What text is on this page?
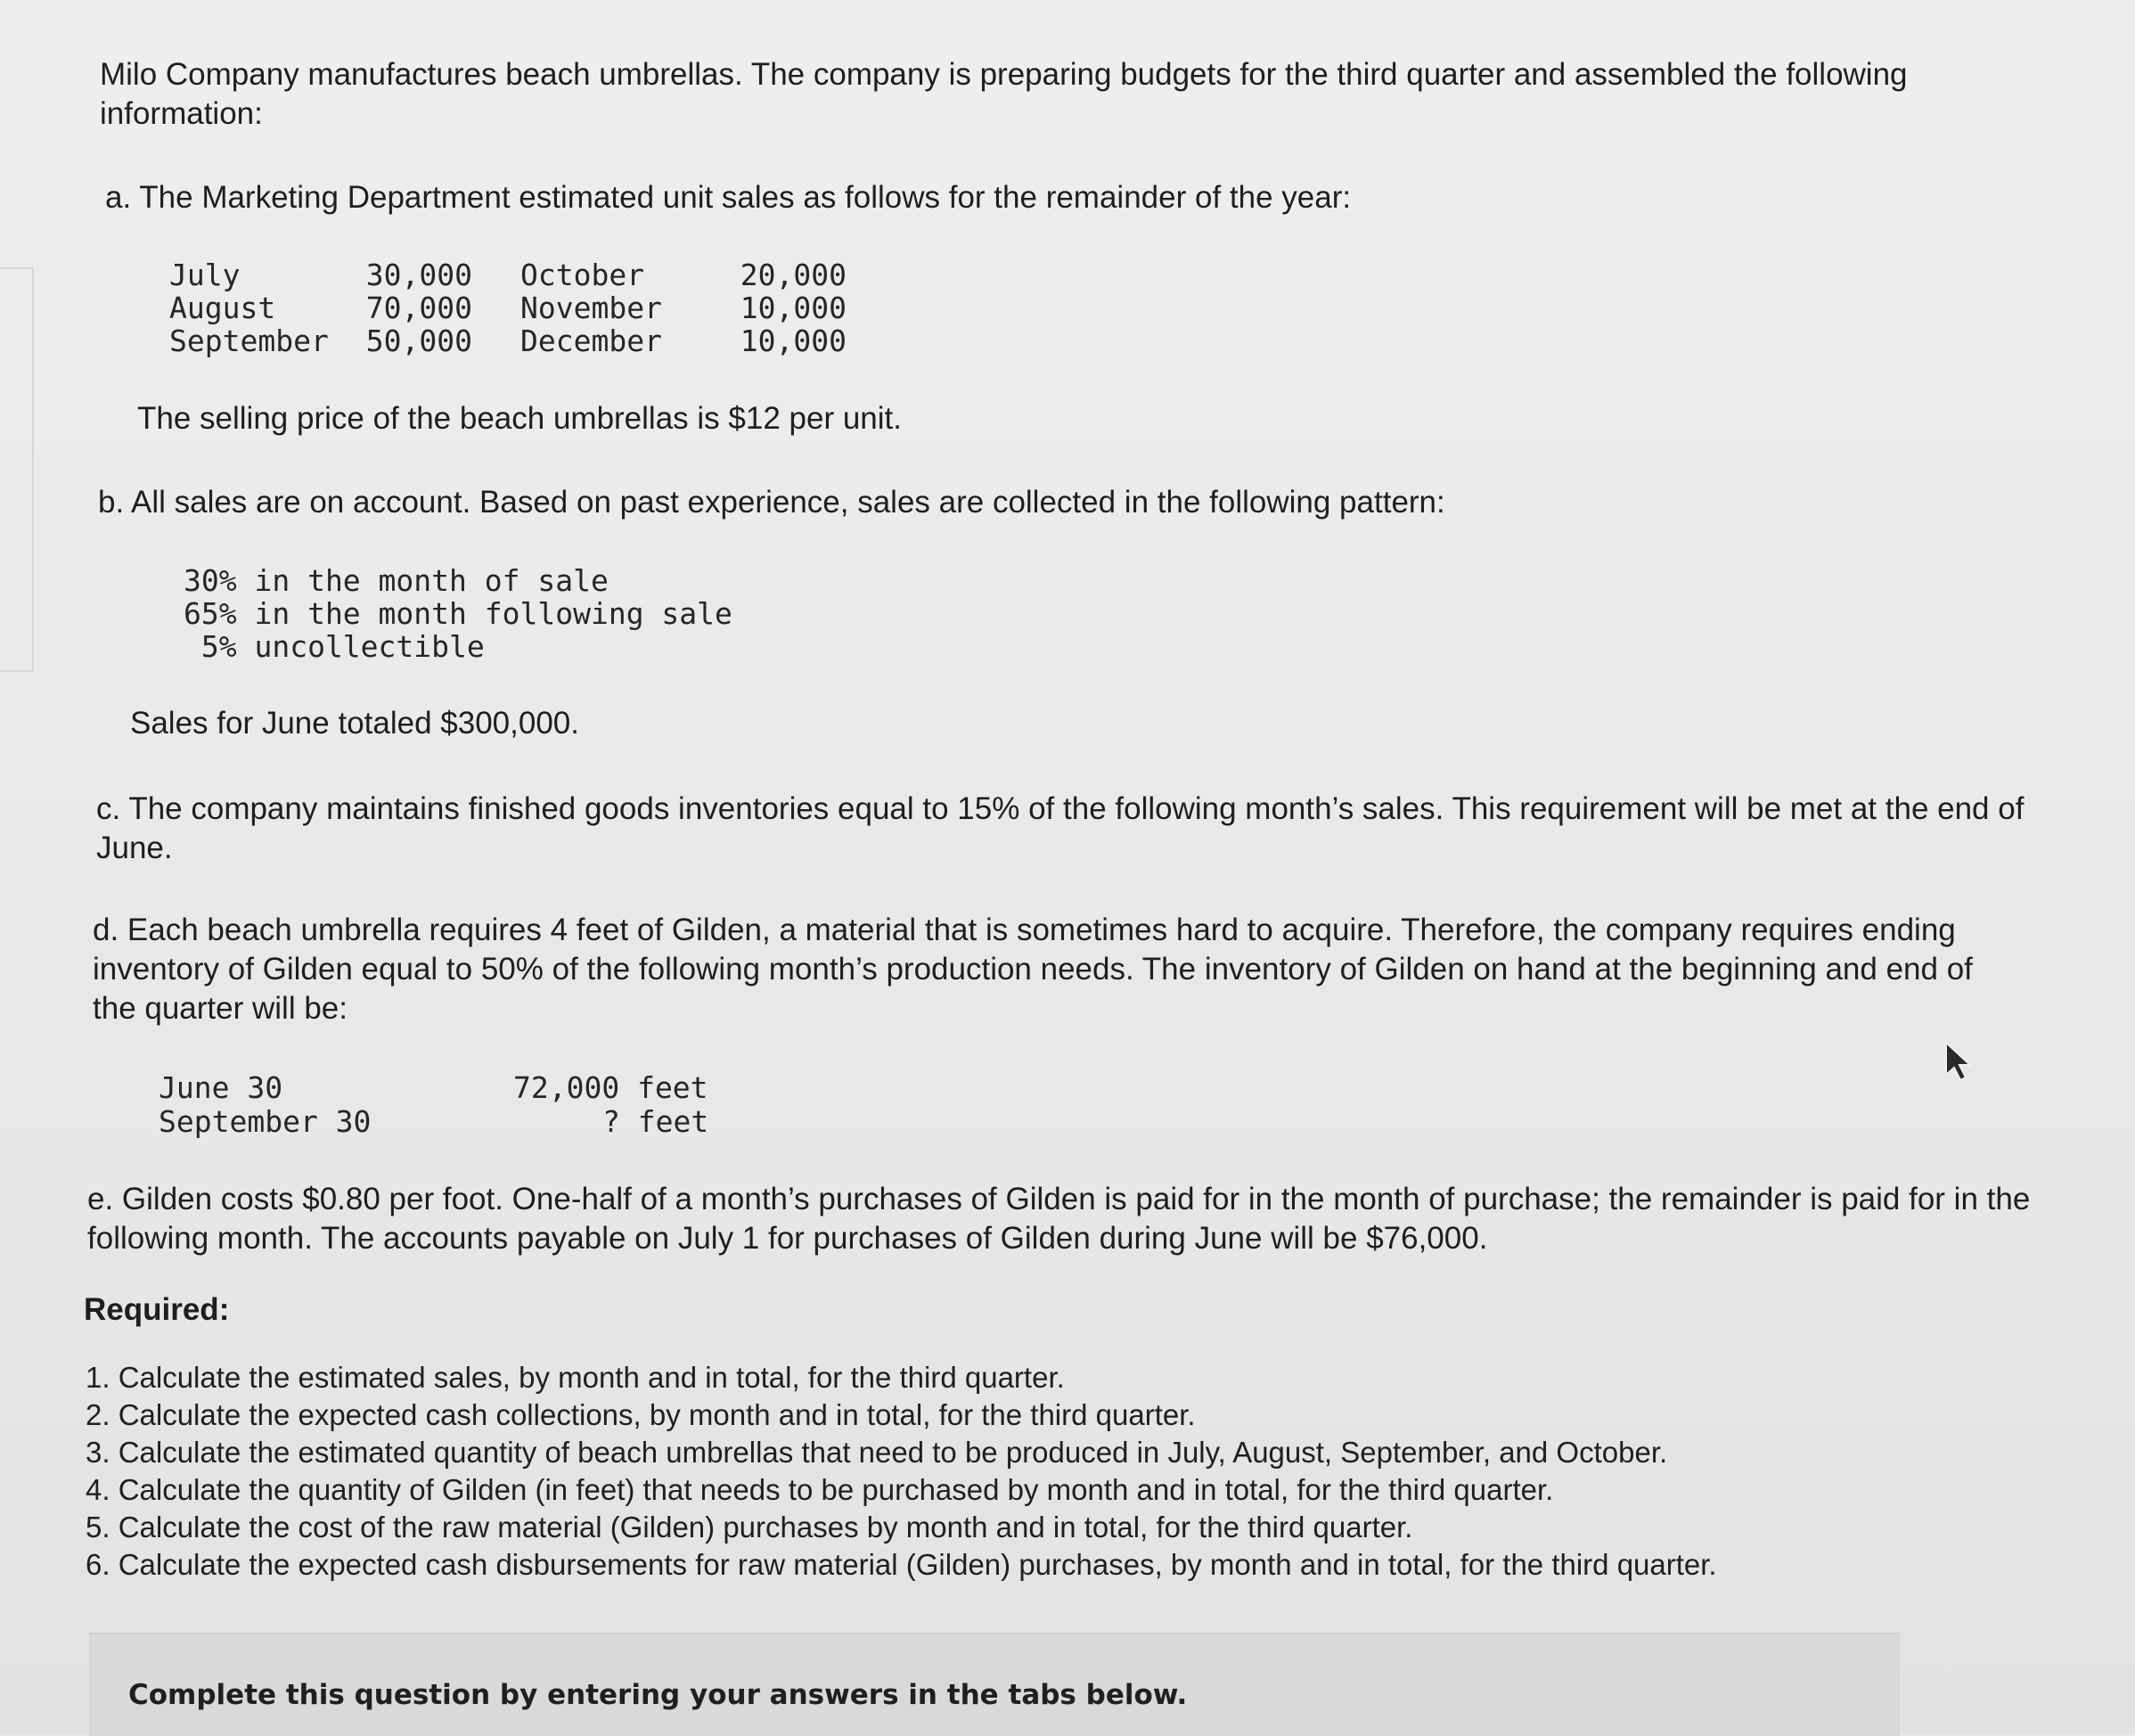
Milo Company manufactures beach umbrellas. The company is preparing budgets for the third quarter and assembled the following information:

a. The Marketing Department estimated unit sales as follows for the remainder of the year:

July
August
September
30,000
70,000
50,000
October
November
December
20,000
10,000
10,000

The selling price of the beach umbrellas is $12 per unit.

b. All sales are on account. Based on past experience, sales are collected in the following pattern:

30% in the month of sale
65% in the month following sale
5% uncollectible

Sales for June totaled $300,000.

c. The company maintains finished goods inventories equal to 15% of the following month’s sales. This requirement will be met at the end of June.

d. Each beach umbrella requires 4 feet of Gilden, a material that is sometimes hard to acquire. Therefore, the company requires ending inventory of Gilden equal to 50% of the following month’s production needs. The inventory of Gilden on hand at the beginning and end of the quarter will be:

June 30	72,000 feet
September 30	? feet

e. Gilden costs $0.80 per foot. One-half of a month’s purchases of Gilden is paid for in the month of purchase; the remainder is paid for in the following month. The accounts payable on July 1 for purchases of Gilden during June will be $76,000.

Required:

1. Calculate the estimated sales, by month and in total, for the third quarter.
2. Calculate the expected cash collections, by month and in total, for the third quarter.
3. Calculate the estimated quantity of beach umbrellas that need to be produced in July, August, September, and October.
4. Calculate the quantity of Gilden (in feet) that needs to be purchased by month and in total, for the third quarter.
5. Calculate the cost of the raw material (Gilden) purchases by month and in total, for the third quarter.
6. Calculate the expected cash disbursements for raw material (Gilden) purchases, by month and in total, for the third quarter.
Complete this question by entering your answers in the tabs below.
